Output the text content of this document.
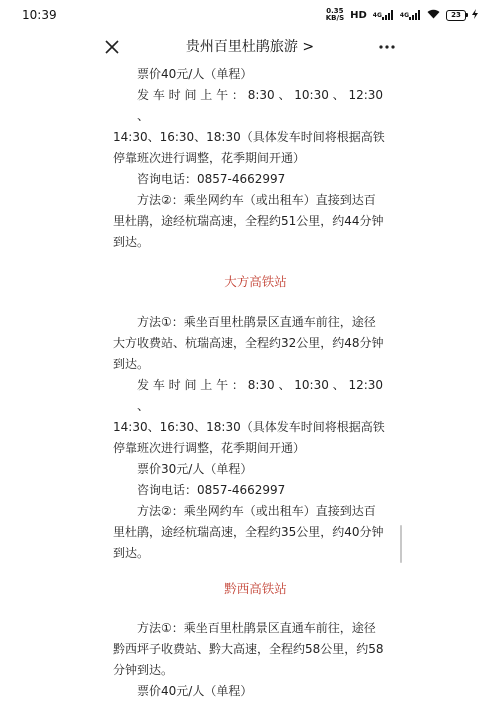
10:39	0.35
KB/S HD 4G	4G	23
贵州百里杜鹃旅游 >

票价40元/人（单程）

发 车 时 间 上 午 ： 8:30 、 10:30 、 12:30 、

14:30、16:30、18:30（具体发车时间将根据高铁

停靠班次进行调整，花季期间开通）

咨询电话：0857-4662997

方法②：乘坐网约车（或出租车）直接到达百

里杜鹃，途经杭瑞高速，全程约51公里，约44分钟

到达。

大方高铁站

方法①：乘坐百里杜鹃景区直通车前往，途径

大方收费站、杭瑞高速，全程约32公里，约48分钟

到达。

发 车 时 间 上 午 ： 8:30 、 10:30 、 12:30 、

14:30、16:30、18:30（具体发车时间将根据高铁

停靠班次进行调整，花季期间开通）

票价30元/人（单程）

咨询电话：0857-4662997

方法②：乘坐网约车（或出租车）直接到达百

里杜鹃，途经杭瑞高速，全程约35公里，约40分钟

到达。

黔西高铁站

方法①：乘坐百里杜鹃景区直通车前往，途径

黔西坪子收费站、黔大高速，全程约58公里，约58

分钟到达。

票价40元/人（单程）
